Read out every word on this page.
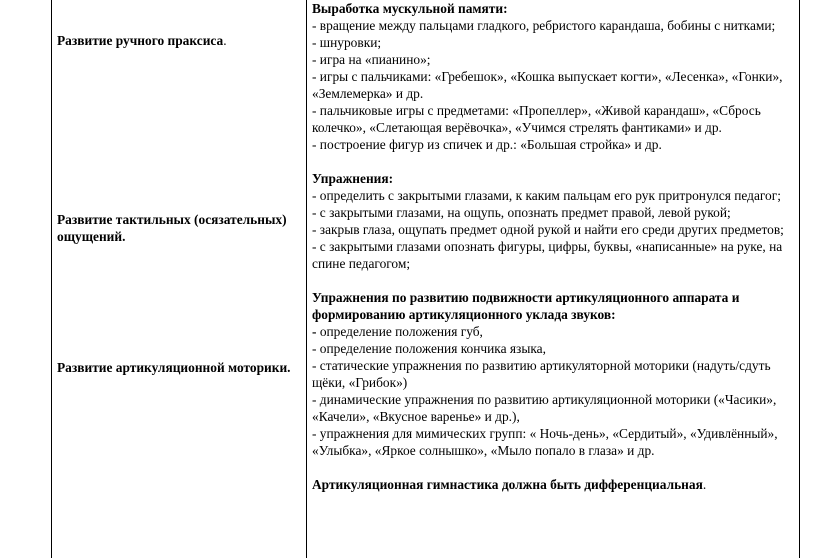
Развитие ручного праксиса.
Развитие тактильных (осязательных) ощущений.
Развитие артикуляционной моторики.

Выработка мускульной памяти:

- вращение между пальцами гладкого, ребристого карандаша, бобины с нитками;

- шнуровки;

- игра на «пианино»;

- игры с пальчиками: «Гребешок», «Кошка выпускает когти», «Лесенка», «Гонки», «Землемерка» и др.

- пальчиковые игры с предметами: «Пропеллер», «Живой карандаш», «Сбрось колечко», «Слетающая верёвочка», «Учимся стрелять фантиками» и др.

- построение фигур из спичек и др.: «Большая стройка» и др.

Упражнения:

- определить с закрытыми глазами, к каким пальцам его рук притронулся педагог;

- с закрытыми глазами, на ощупь, опознать предмет правой, левой рукой;

- закрыв глаза, ощупать предмет одной рукой и найти его среди других предметов;

- с закрытыми глазами опознать фигуры, цифры, буквы, «написанные» на руке, на спине педагогом;

Упражнения по развитию подвижности артикуляционного аппарата и формированию артикуляционного уклада звуков:

- определение положения губ,

- определение положения кончика языка,

- статические упражнения по развитию артикуляторной моторики (надуть/сдуть щёки, «Грибок»)

- динамические упражнения по развитию артикуляционной моторики («Часики», «Качели», «Вкусное варенье» и др.),

- упражнения для мимических групп: « Ночь-день», «Сердитый», «Удивлённый», «Улыбка», «Яркое солнышко», «Мыло попало в глаза» и др.

Артикуляционная гимнастика должна быть дифференциальная.
